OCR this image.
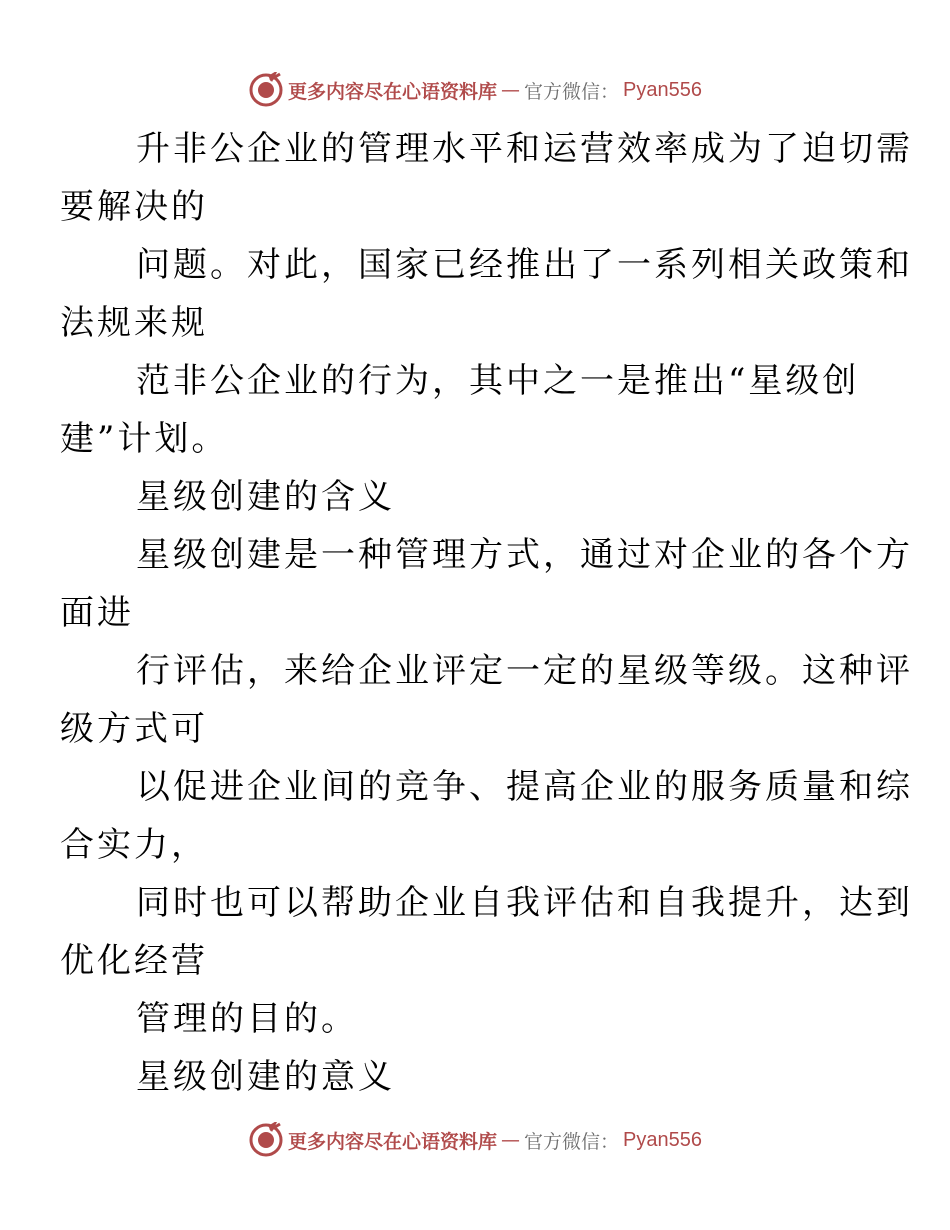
更多内容尽在心语资料库 — 官方微信： Pyan556

升非公企业的管理水平和运营效率成为了迫切需
要解决的

问题。对此，国家已经推出了一系列相关政策和
法规来规

范非公企业的行为，其中之一是推出“星级创
建”计划。

星级创建的含义

星级创建是一种管理方式，通过对企业的各个方
面进

行评估，来给企业评定一定的星级等级。这种评
级方式可

以促进企业间的竞争、提高企业的服务质量和综
合实力，

同时也可以帮助企业自我评估和自我提升，达到
优化经营

管理的目的。

星级创建的意义

更多内容尽在心语资料库 — 官方微信： Pyan556
